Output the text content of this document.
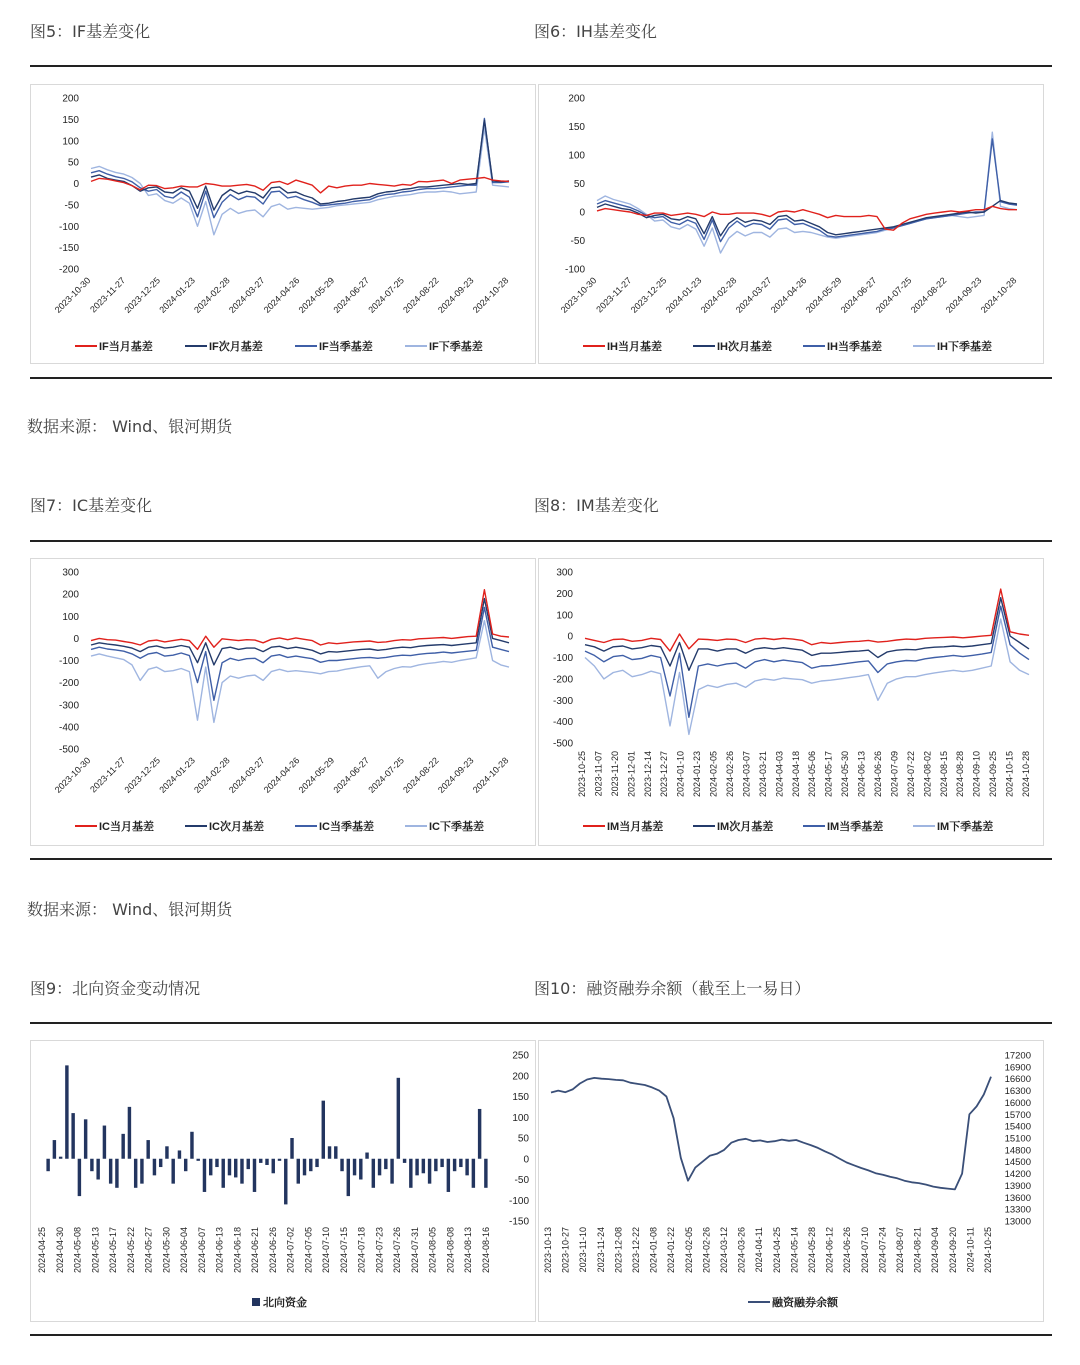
图5：IF基差变化	图6：IH基差变化
200
150
100
50
0
-50
-100
-150
-200
2023-10-30
2023-11-27
2023-12-25
2024-01-23
2024-02-28
2024-03-27
2024-04-26
2024-05-29
2024-06-27
2024-07-25
2024-08-22
2024-09-23
2024-10-28
IF当月基差	IF次月基差	IF当季基差	IF下季基差
200
150
100
50
0
-50
-100
2023-10-30
2023-11-27
2023-12-25
2024-01-23
2024-02-28
2024-03-27
2024-04-26
2024-05-29
2024-06-27
2024-07-25
2024-08-22
2024-09-23
2024-10-28
IH当月基差	IH次月基差	IH当季基差	IH下季基差
数据来源： Wind、银河期货
图7：IC基差变化	图8：IM基差变化
300
200
100
0
-100
-200
-300
-400
-500
2023-10-30
2023-11-27
2023-12-25
2024-01-23
2024-02-28
2024-03-27
2024-04-26
2024-05-29
2024-06-27
2024-07-25
2024-08-22
2024-09-23
2024-10-28
IC当月基差	IC次月基差	IC当季基差	IC下季基差
300
200
100
0
-100
-200
-300
-400
-500
2023-10-25 2023-11-07 2023-11-20 2023-12-01 2023-12-14 2023-12-27 2024-01-10 2024-01-23 2024-02-05 2024-02-26 2024-03-07 2024-03-21 2024-04-03 2024-04-18 2024-05-06 2024-05-17 2024-05-30 2024-06-13 2024-06-26 2024-07-09 2024-07-22 2024-08-02 2024-08-15 2024-08-28 2024-09-10 2024-09-25 2024-10-15 2024-10-28
IM当月基差	IM次月基差	IM当季基差	IM下季基差
数据来源： Wind、银河期货
图9：北向资金变动情况	图10：融资融券余额（截至上一易日）
250
200
150
100
50
0
-50
-100
-150
2024-04-25 2024-04-30 2024-05-08 2024-05-13 2024-05-17 2024-05-22 2024-05-27 2024-05-30 2024-06-04 2024-06-07 2024-06-13 2024-06-18 2024-06-21 2024-06-26 2024-07-02 2024-07-05 2024-07-10 2024-07-15 2024-07-18 2024-07-23 2024-07-26 2024-07-31 2024-08-05 2024-08-08 2024-08-13 2024-08-16
北向资金
17200
16900
16600
16300
16000
15700
15400
15100
14800
14500
14200
13900
13600
13300
13000
2023-10-13 2023-10-27 2023-11-10 2023-11-24 2023-12-08 2023-12-22 2024-01-08 2024-01-22 2024-02-05 2024-02-26 2024-03-12 2024-03-26 2024-04-11 2024-04-25 2024-05-14 2024-05-28 2024-06-12 2024-06-26 2024-07-10 2024-07-24 2024-08-07 2024-08-21 2024-09-04 2024-09-20 2024-10-11 2024-10-25
融资融券余额
